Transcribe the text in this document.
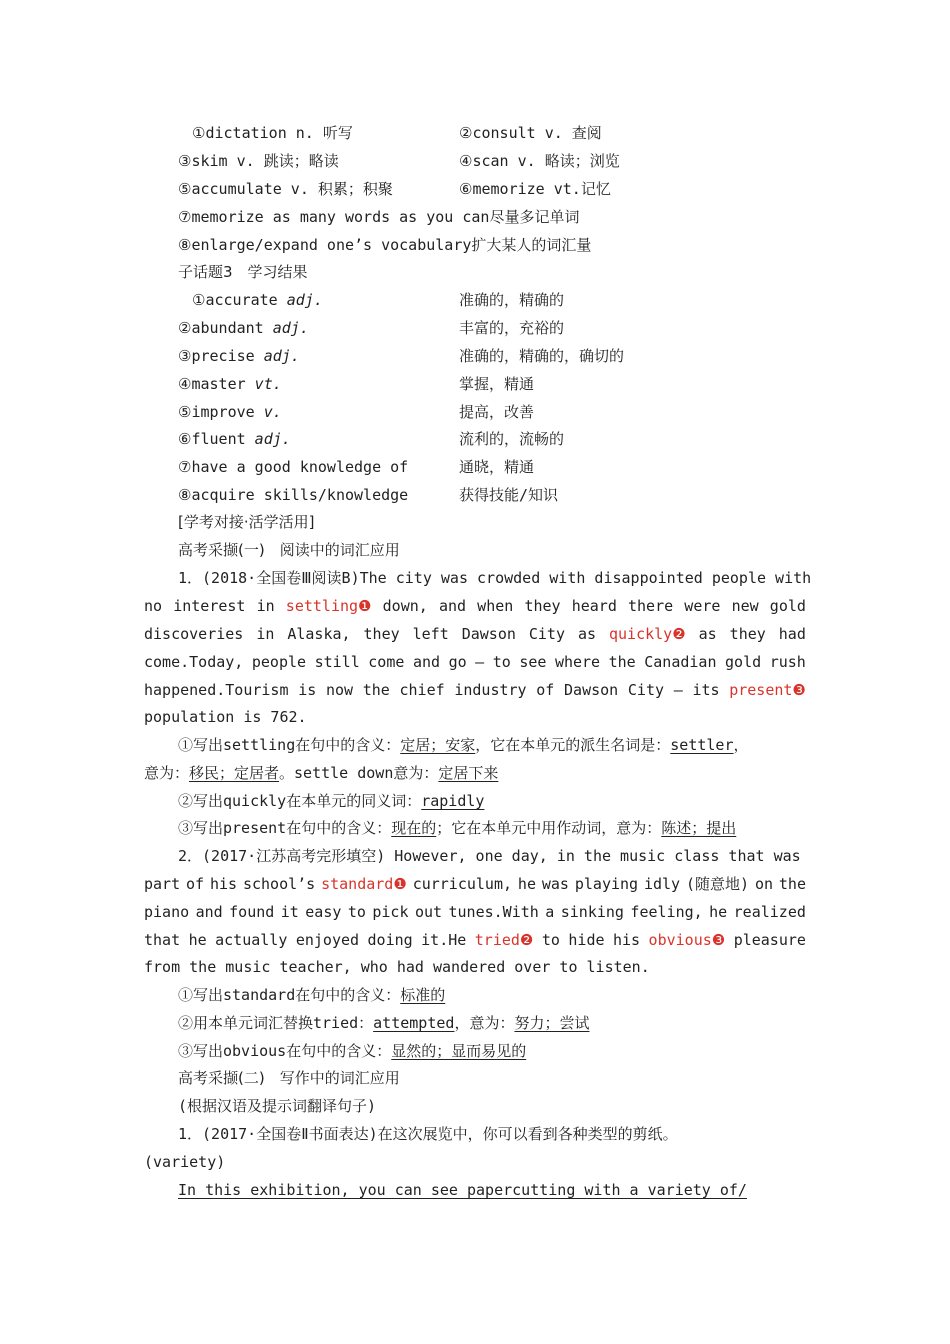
①dictation n. 听写	②consult v. 查阅
③skim v. 跳读；略读	④scan v. 略读；浏览
⑤accumulate v. 积累；积聚	⑥memorize vt.记忆
⑦memorize as many words as you can尽量多记单词
⑧enlarge/expand one’s vocabulary扩大某人的词汇量
子话题3　学习结果
①accurate adj.	准确的，精确的
②abundant adj.	丰富的，充裕的
③precise adj.	准确的，精确的，确切的
④master vt.	掌握，精通
⑤improve v.	提高，改善
⑥fluent adj.	流利的，流畅的
⑦have a good knowledge of	通晓，精通
⑧acquire skills/knowledge	获得技能/知识
[学考对接·活学活用]
高考采撷(一)　阅读中的词汇应用
1．(2018·全国卷Ⅲ阅读B)The city was crowded with disappointed people with
no interest in settling❶ down, and when they heard there were new gold
discoveries in Alaska, they left Dawson City as quickly❷ as they had
come.Today, people still come and go — to see where the Canadian gold rush
happened.Tourism is now the chief industry of Dawson City — its present❸
population is 762.
①写出settling在句中的含义：定居；安家，它在本单元的派生名词是：settler，
意为：移民；定居者。settle down意为：定居下来
②写出quickly在本单元的同义词：rapidly
③写出present在句中的含义：现在的；它在本单元中用作动词，意为：陈述；提出
2．(2017·江苏高考完形填空) However, one day, in the music class that was
part of his school’s standard❶ curriculum, he was playing idly (随意地) on the
piano and found it easy to pick out tunes.With a sinking feeling, he realized
that he actually enjoyed doing it.He tried❷ to hide his obvious❸ pleasure
from the music teacher, who had wandered over to listen.
①写出standard在句中的含义：标准的
②用本单元词汇替换tried：attempted，意为：努力；尝试
③写出obvious在句中的含义：显然的；显而易见的
高考采撷(二)　写作中的词汇应用
(根据汉语及提示词翻译句子)
1．(2017·全国卷Ⅱ书面表达)在这次展览中，你可以看到各种类型的剪纸。
(variety)
In this exhibition, you can see papercutting with a variety of/
